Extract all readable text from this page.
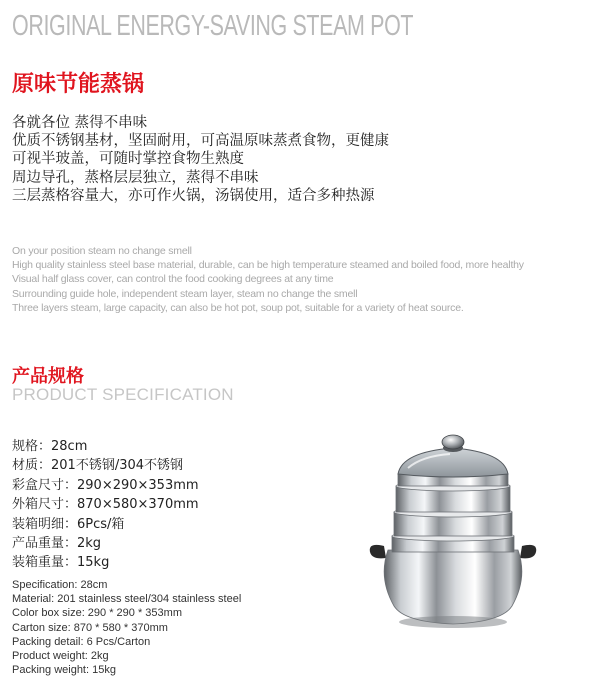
ORIGINAL ENERGY-SAVING STEAM POT
原味节能蒸锅
各就各位 蒸得不串味
优质不锈钢基材，坚固耐用，可高温原味蒸煮食物，更健康
可视半玻盖，可随时掌控食物生熟度
周边导孔，蒸格层层独立，蒸得不串味
三层蒸格容量大，亦可作火锅，汤锅使用，适合多种热源
On your position steam no change smell
High quality stainless steel base material, durable, can be high temperature steamed and boiled food, more healthy
Visual half glass cover, can control the food cooking degrees at any time
Surrounding guide hole, independent steam layer, steam no change the smell
Three layers steam, large capacity, can also be hot pot, soup pot, suitable for a variety of heat source.
产品规格
PRODUCT SPECIFICATION
规格：28cm
材质：201不锈钢/304不锈钢
彩盒尺寸：290×290×353mm
外箱尺寸：870×580×370mm
装箱明细：6Pcs/箱
产品重量：2kg
装箱重量：15kg
Specification: 28cm
Material: 201 stainless steel/304 stainless steel
Color box size: 290 * 290 * 353mm
Carton size: 870 * 580 * 370mm
Packing detail: 6 Pcs/Carton
Product weight: 2kg
Packing weight: 15kg
